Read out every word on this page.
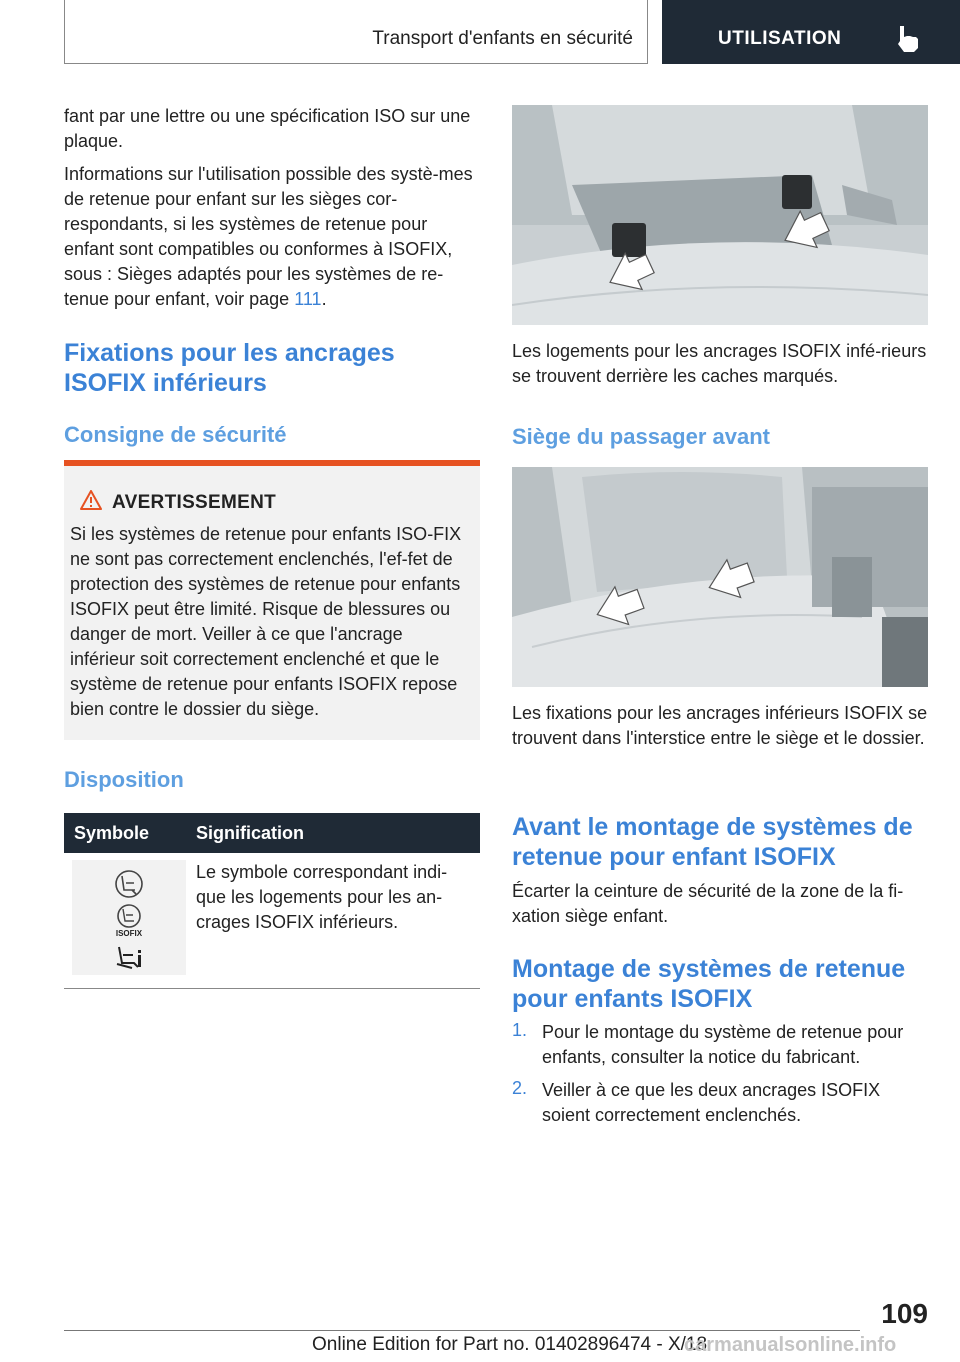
Transport d'enfants en sécurité	UTILISATION

fant par une lettre ou une spécification ISO sur une plaque.

Informations sur l'utilisation possible des systè-mes de retenue pour enfant sur les sièges cor-respondants, si les systèmes de retenue pour enfant sont compatibles ou conformes à ISOFIX, sous : Sièges adaptés pour les systèmes de re-tenue pour enfant, voir page 111.

Fixations pour les ancrages ISOFIX inférieurs
Consigne de sécurité
AVERTISSEMENT
Si les systèmes de retenue pour enfants ISO-FIX ne sont pas correctement enclenchés, l'ef-fet de protection des systèmes de retenue pour enfants ISOFIX peut être limité. Risque de blessures ou danger de mort. Veiller à ce que l'ancrage inférieur soit correctement enclenché et que le système de retenue pour enfants ISOFIX repose bien contre le dossier du siège.
Disposition
Symbole	Signification
ISOFIX

Le symbole correspondant indi-que les logements pour les an-crages ISOFIX inférieurs.

Les logements pour les ancrages ISOFIX infé-rieurs se trouvent derrière les caches marqués.

Siège du passager avant

Les fixations pour les ancrages inférieurs ISOFIX se trouvent dans l'interstice entre le siège et le dossier.

Avant le montage de systèmes de retenue pour enfant ISOFIX

Écarter la ceinture de sécurité de la zone de la fi-xation siège enfant.

Montage de systèmes de retenue pour enfants ISOFIX
1. Pour le montage du système de retenue pour enfants, consulter la notice du fabricant.
2. Veiller à ce que les deux ancrages ISOFIX soient correctement enclenchés.
109
Online Edition for Part no. 01402896474 - X/18
carmanualsonline.info
